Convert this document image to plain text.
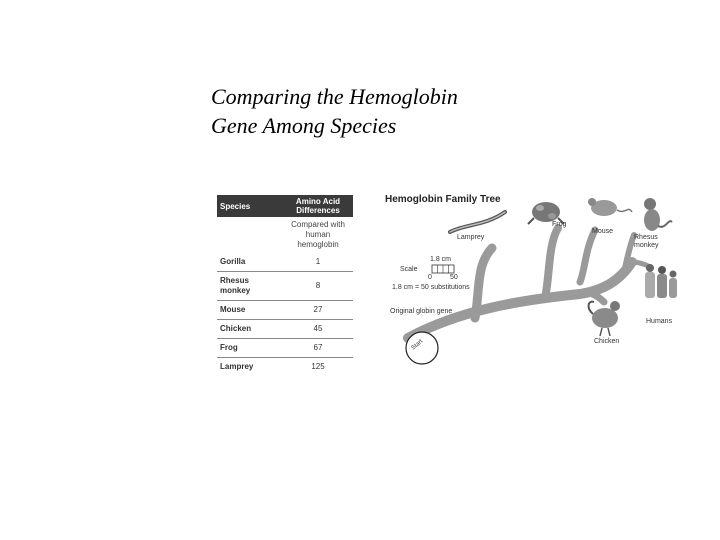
Comparing the Hemoglobin
Gene Among Species
Species	Amino Acid
Differences
	Compared with human hemoglobin
Gorilla	1
Rhesus monkey	8
Mouse	27
Chicken	45
Frog	67
Lamprey	125
Hemoglobin Family Tree
Lamprey
Frog
Mouse
Rhesus monkey
Humans
Chicken
Original globin gene
1.8 cm
Scale
0	50
1.8 cm = 50 substitutions
Start
